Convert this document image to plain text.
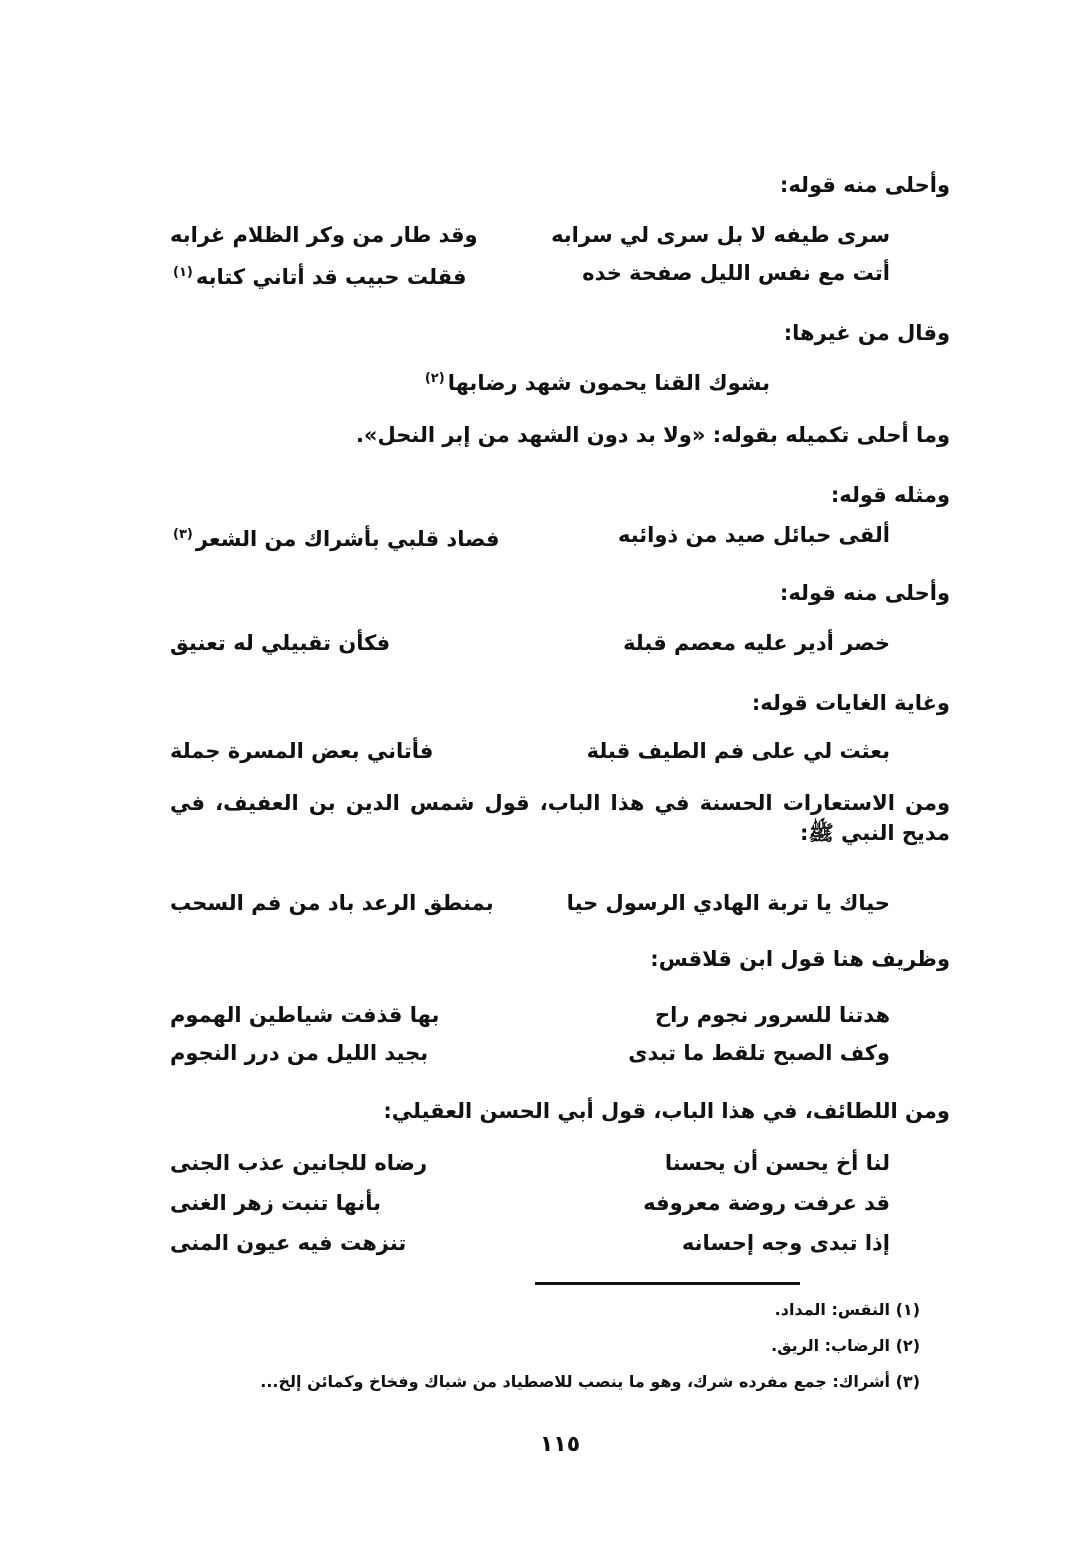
وأحلى منه قوله:
سرى طيفه لا بل سرى لي سرابه
وقد طار من وكر الظلام غرابه
أتت مع نفس الليل صفحة خده
فقلت حبيب قد أتاني كتابه$^{(١)}$
وقال من غيرها:
بشوك القنا يحمون شهد رضابها$^{(٢)}$
وما أحلى تكميله بقوله: «ولا بد دون الشهد من إبر النحل».
ومثله قوله:
ألقى حبائل صيد من ذوائبه
فصاد قلبي بأشراك من الشعر$^{(٣)}$
وأحلى منه قوله:
خصر أدير عليه معصم قبلة
فكأن تقبيلي له تعنيق
وغاية الغايات قوله:
بعثت لي على فم الطيف قبلة
فأتاني بعض المسرة جملة
ومن الاستعارات الحسنة في هذا الباب، قول شمس الدين بن العفيف، في مديح النبي ﷺ:
حياك يا تربة الهادي الرسول حيا
بمنطق الرعد باد من فم السحب
وظريف هنا قول ابن قلاقس:
هدتنا للسرور نجوم راح
بها قذفت شياطين الهموم
وكف الصبح تلقط ما تبدى
بجيد الليل من درر النجوم
ومن اللطائف، في هذا الباب، قول أبي الحسن العقيلي:
لنا أخ يحسن أن يحسنا
رضاه للجانين عذب الجنى
قد عرفت روضة معروفه
بأنها تنبت زهر الغنى
إذا تبدى وجه إحسانه
تنزهت فيه عيون المنى
(١) النقس: المداد.
(٢) الرضاب: الريق.
(٣) أشراك: جمع مفرده شرك، وهو ما ينصب للاصطياد من شباك وفخاخ وكمائن إلخ...
١١٥
